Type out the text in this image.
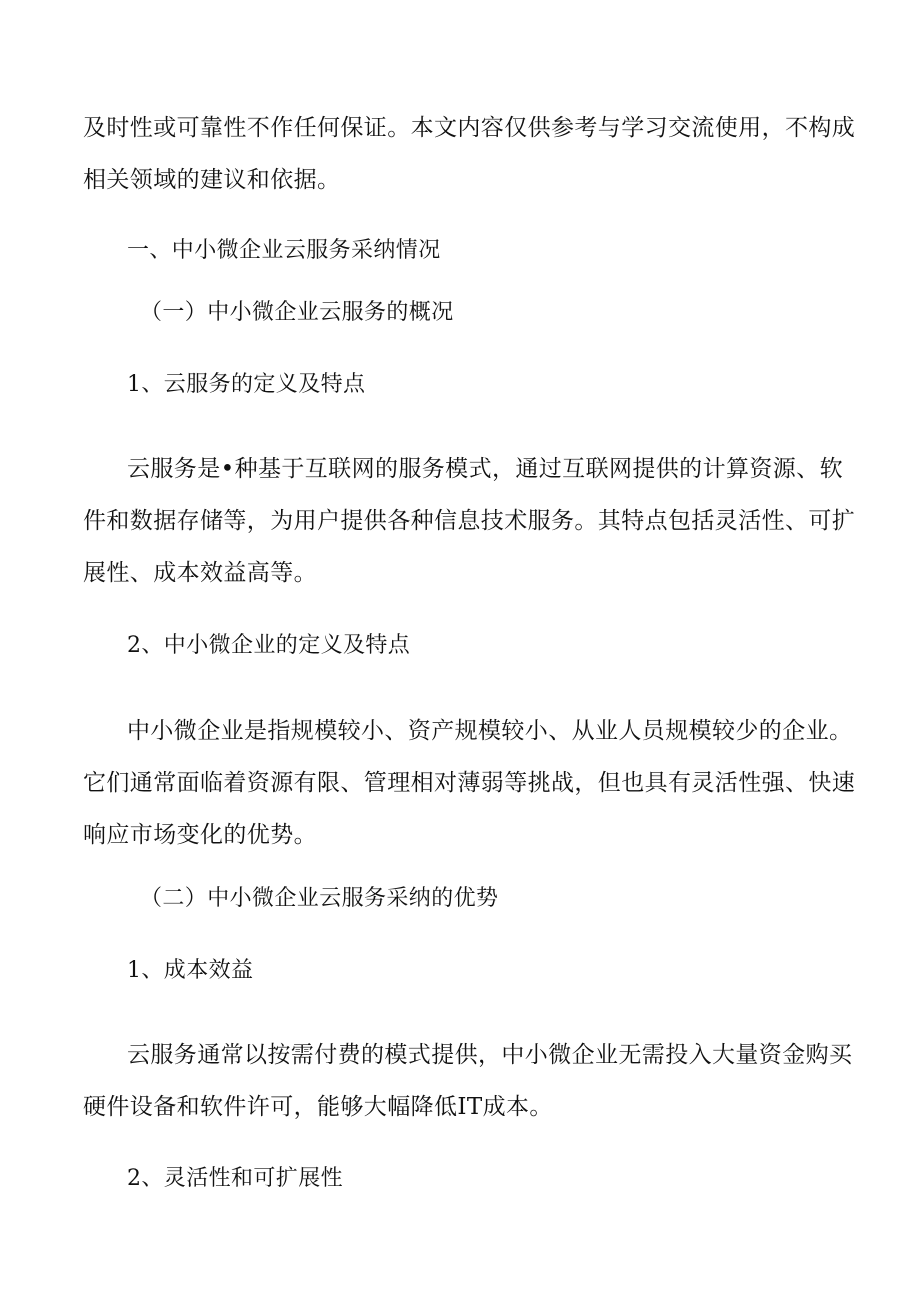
及时性或可靠性不作任何保证。本文内容仅供参考与学习交流使用，不构成
相关领域的建议和依据。
一、中小微企业云服务采纳情况
（一）中小微企业云服务的概况
1、云服务的定义及特点
云服务是•种基于互联网的服务模式，通过互联网提供的计算资源、软
件和数据存储等，为用户提供各种信息技术服务。其特点包括灵活性、可扩
展性、成本效益高等。
2、中小微企业的定义及特点
中小微企业是指规模较小、资产规模较小、从业人员规模较少的企业。
它们通常面临着资源有限、管理相对薄弱等挑战，但也具有灵活性强、快速
响应市场变化的优势。
（二）中小微企业云服务采纳的优势
1、成本效益
云服务通常以按需付费的模式提供，中小微企业无需投入大量资金购买
硬件设备和软件许可，能够大幅降低IT成本。
2、灵活性和可扩展性
